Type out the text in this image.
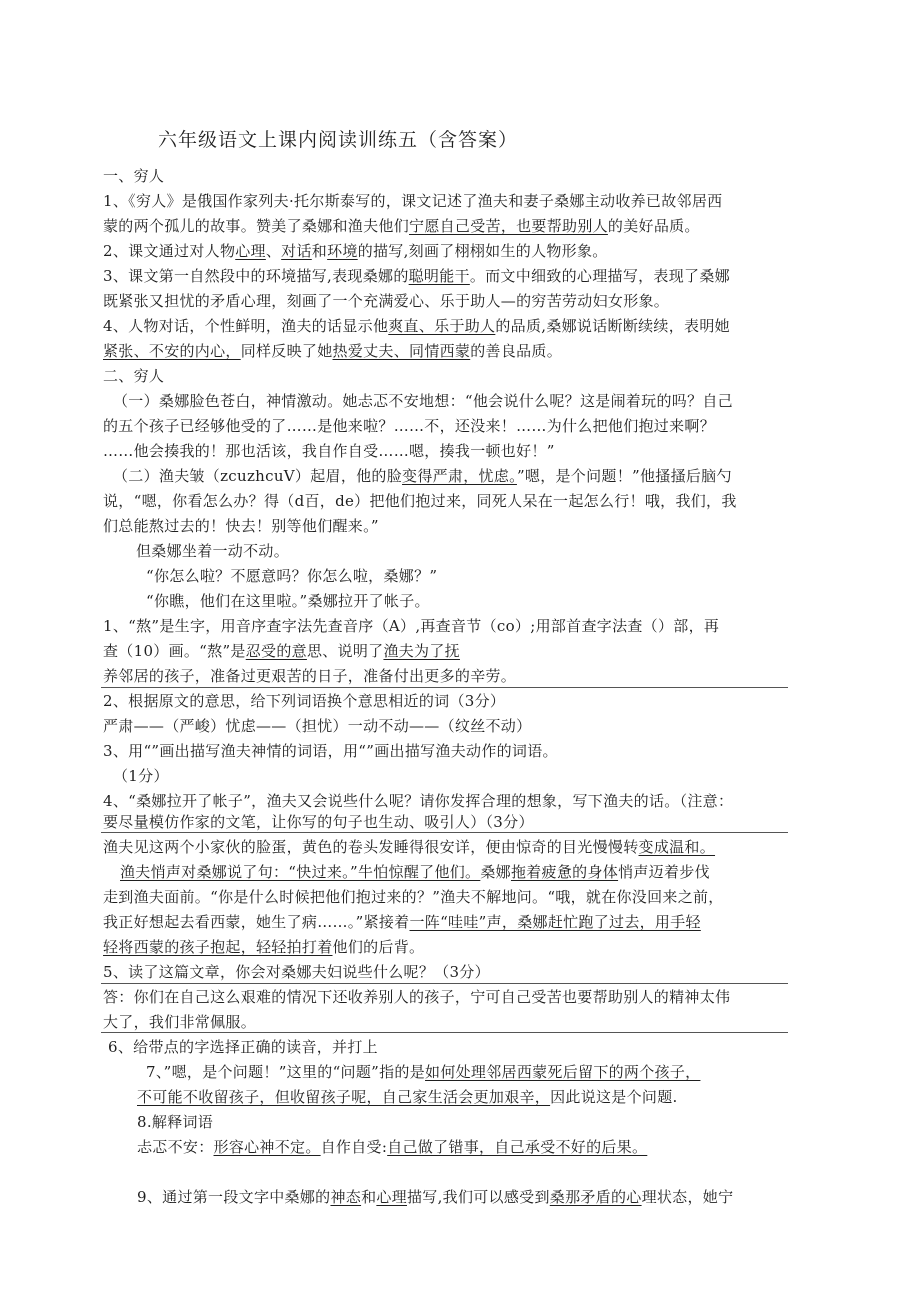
六年级语文上课内阅读训练五（含答案）
一、穷人
1、《穷人》是俄国作家列夫·托尔斯泰写的，课文记述了渔夫和妻子桑娜主动收养已故邻居西
蒙的两个孤儿的故事。赞美了桑娜和渔夫他们宁愿自己受苦，也要帮助别人的美好品质。
2、课文通过对人物心理、对话和环境的描写,刻画了栩栩如生的人物形象。
3、课文第一自然段中的环境描写,表现桑娜的聪明能干。而文中细致的心理描写，表现了桑娜
既紧张又担忧的矛盾心理，刻画了一个充满爱心、乐于助人—的穷苦劳动妇女形象。
4、人物对话，个性鲜明，渔夫的话显示他爽直、乐于助人的品质,桑娜说话断断续续，表明她
紧张、不安的内心，同样反映了她热爱丈夫、同情西蒙的善良品质。
二、穷人
（一）桑娜脸色苍白，神情激动。她忐忑不安地想：“他会说什么呢？这是闹着玩的吗？自己
的五个孩子已经够他受的了……是他来啦？……不，还没来！……为什么把他们抱过来啊？
……他会揍我的！那也活该，我自作自受……嗯，揍我一顿也好！”
（二）渔夫皱（zcuzhcuV）起眉，他的脸变得严肃，忧虑。”嗯，是个问题！”他搔搔后脑勺
说，“嗯，你看怎么办？得（d百，de）把他们抱过来，同死人呆在一起怎么行！哦，我们，我
们总能熬过去的！快去！别等他们醒来。”
但桑娜坐着一动不动。
“你怎么啦？不愿意吗？你怎么啦，桑娜？”
“你瞧，他们在这里啦。”桑娜拉开了帐子。
1、“熬”是生字，用音序查字法先查音序（A）,再查音节（co）;用部首查字法查（）部，再
查（10）画。“熬”是忍受的意思、说明了渔夫为了抚
养邻居的孩子，准备过更艰苦的日子，准备付出更多的辛劳。
2、根据原文的意思，给下列词语换个意思相近的词（3分）
严肃——（严峻）忧虑——（担忧）一动不动——（纹丝不动）
3、用“”画出描写渔夫神情的词语，用“”画出描写渔夫动作的词语。
（1分）
4、“桑娜拉开了帐子”，渔夫又会说些什么呢？请你发挥合理的想象，写下渔夫的话。（注意：
要尽量模仿作家的文笔，让你写的句子也生动、吸引人）（3分）
渔夫见这两个小家伙的脸蛋，黄色的卷头发睡得很安详，便由惊奇的目光慢慢转变成温和。
渔夫悄声对桑娜说了句：“快过来。”牛怕惊醒了他们。桑娜拖着疲惫的身体悄声迈着步伐
走到渔夫面前。“你是什么时候把他们抱过来的？”渔夫不解地问。“哦，就在你没回来之前，
我正好想起去看西蒙，她生了病……。”紧接着一阵“哇哇”声，桑娜赶忙跑了过去，用手轻
轻将西蒙的孩子抱起，轻轻拍打着他们的后背。
5、读了这篇文章，你会对桑娜夫妇说些什么呢？（3分）
答：你们在自己这么艰难的情况下还收养别人的孩子，宁可自己受苦也要帮助别人的精神太伟
大了，我们非常佩服。
6、给带点的字选择正确的读音，并打上
7、”嗯，是个问题！”这里的“问题”指的是如何处理邻居西蒙死后留下的两个孩子，
不可能不收留孩子，但收留孩子呢，自己家生活会更加艰辛，因此说这是个问题.
8.解释词语
忐忑不安：形容心神不定。自作自受:自己做了错事，自己承受不好的后果。
9、通过第一段文字中桑娜的神态和心理描写,我们可以感受到桑那矛盾的心理状态，她宁
